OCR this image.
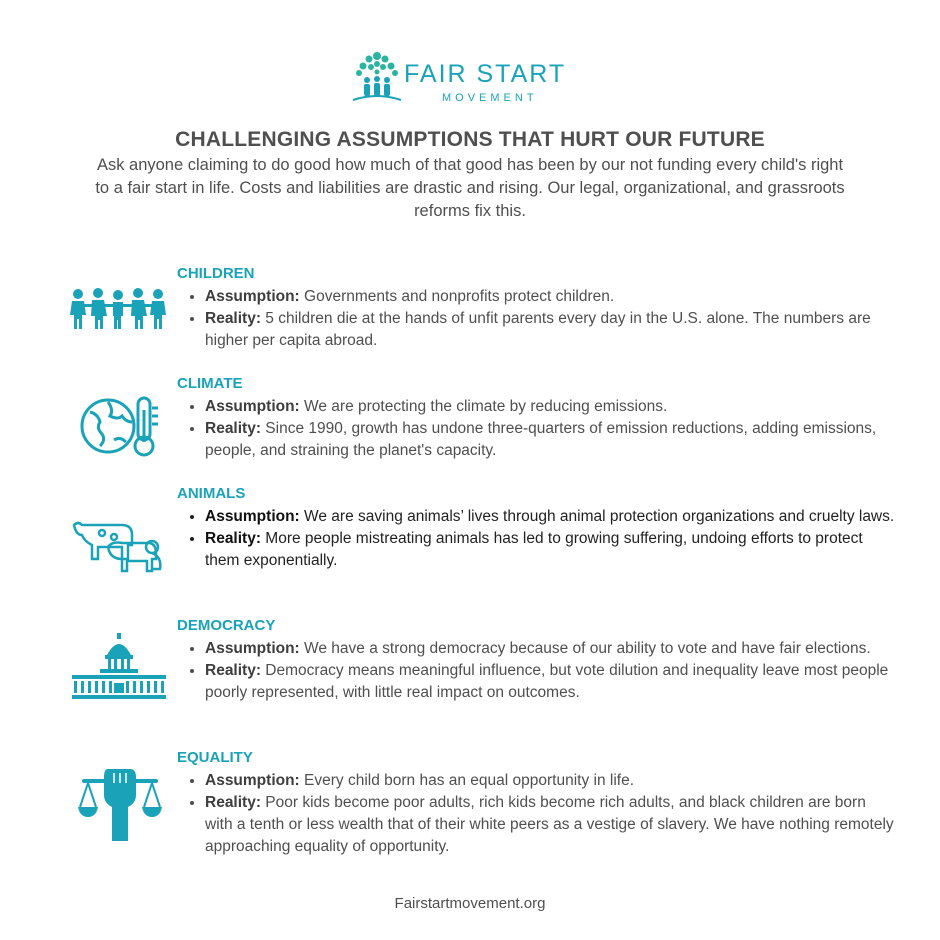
FAIR START
MOVEMENT
CHALLENGING ASSUMPTIONS THAT HURT OUR FUTURE
Ask anyone claiming to do good how much of that good has been by our not funding every child's right to a fair start in life. Costs and liabilities are drastic and rising. Our legal, organizational, and grassroots reforms fix this.
CHILDREN
• Assumption: Governments and nonprofits protect children.
• Reality: 5 children die at the hands of unfit parents every day in the U.S. alone. The numbers are higher per capita abroad.
CLIMATE
• Assumption: We are protecting the climate by reducing emissions.
• Reality: Since 1990, growth has undone three-quarters of emission reductions, adding emissions, people, and straining the planet's capacity.
ANIMALS
• Assumption: We are saving animals’ lives through animal protection organizations and cruelty laws.
• Reality: More people mistreating animals has led to growing suffering, undoing efforts to protect them exponentially.
DEMOCRACY
• Assumption: We have a strong democracy because of our ability to vote and have fair elections.
• Reality: Democracy means meaningful influence, but vote dilution and inequality leave most people poorly represented, with little real impact on outcomes.
EQUALITY
• Assumption: Every child born has an equal opportunity in life.
• Reality: Poor kids become poor adults, rich kids become rich adults, and black children are born with a tenth or less wealth that of their white peers as a vestige of slavery. We have nothing remotely approaching equality of opportunity.
Fairstartmovement.org
